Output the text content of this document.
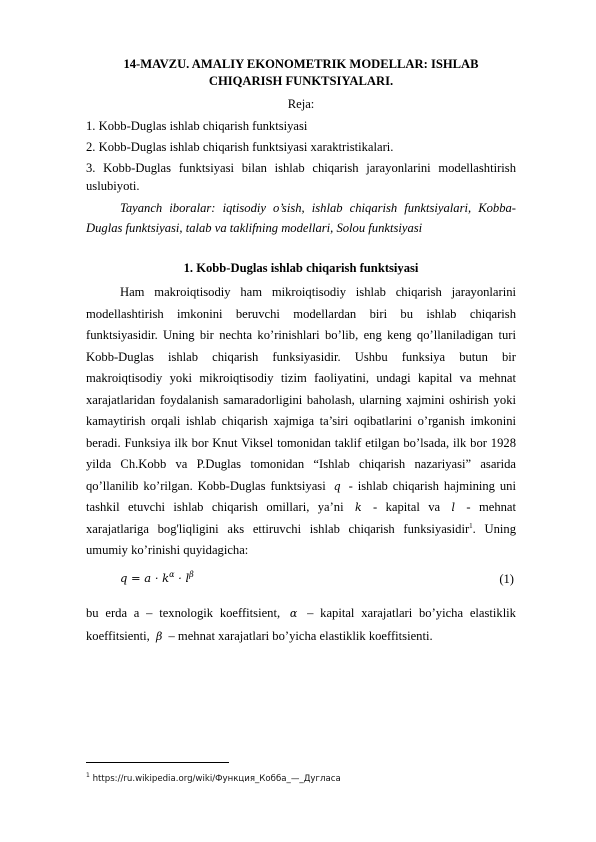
14-MAVZU. AMALIY EKONOMETRIK MODELLAR: ISHLAB

CHIQARISH FUNKTSIYALARI.

Reja:

1. Kobb-Duglas ishlab chiqarish funktsiyasi

2. Kobb-Duglas ishlab chiqarish funktsiyasi xaraktristikalari.

3. Kobb-Duglas funktsiyasi bilan ishlab chiqarish jarayonlarini modellashtirish uslubiyoti.

Tayanch iboralar: iqtisodiy o’sish, ishlab chiqarish funktsiyalari, Kobba-Duglas funktsiyasi, talab va taklifning modellari, Solou funktsiyasi

1. Kobb-Duglas ishlab chiqarish funktsiyasi

Ham makroiqtisodiy ham mikroiqtisodiy ishlab chiqarish jarayonlarini modellashtirish imkonini beruvchi modellardan biri bu ishlab chiqarish funktsiyasidir. Uning bir nechta ko’rinishlari bo’lib, eng keng qo’llaniladigan turi Kobb-Duglas ishlab chiqarish funksiyasidir. Ushbu funksiya butun bir makroiqtisodiy yoki mikroiqtisodiy tizim faoliyatini, undagi kapital va mehnat xarajatlaridan foydalanish samaradorligini baholash, ularning xajmini oshirish yoki kamaytirish orqali ishlab chiqarish xajmiga ta’siri oqibatlarini o’rganish imkonini beradi. Funksiya ilk bor Knut Viksel tomonidan taklif etilgan bo’lsada, ilk bor 1928 yilda Ch.Kobb va P.Duglas tomonidan “Ishlab chiqarish nazariyasi” asarida qo’llanilib ko’rilgan. Kobb-Duglas funktsiyasi q - ishlab chiqarish hajmining uni tashkil etuvchi ishlab chiqarish omillari, ya’ni k - kapital va l - mehnat xarajatlariga bog'liqligini aks ettiruvchi ishlab chiqarish funksiyasidir$^1$. Uning umumiy ko’rinishi quyidagicha:

$q = a \cdot k^\alpha \cdot l^\beta$	(1)

bu erda a – texnologik koeffitsient, α – kapital xarajatlari bo’yicha elastiklik koeffitsienti, β – mehnat xarajatlari bo’yicha elastiklik koeffitsienti.

$^1$ https://ru.wikipedia.org/wiki/Функция_Кобба_—_Дугласа
